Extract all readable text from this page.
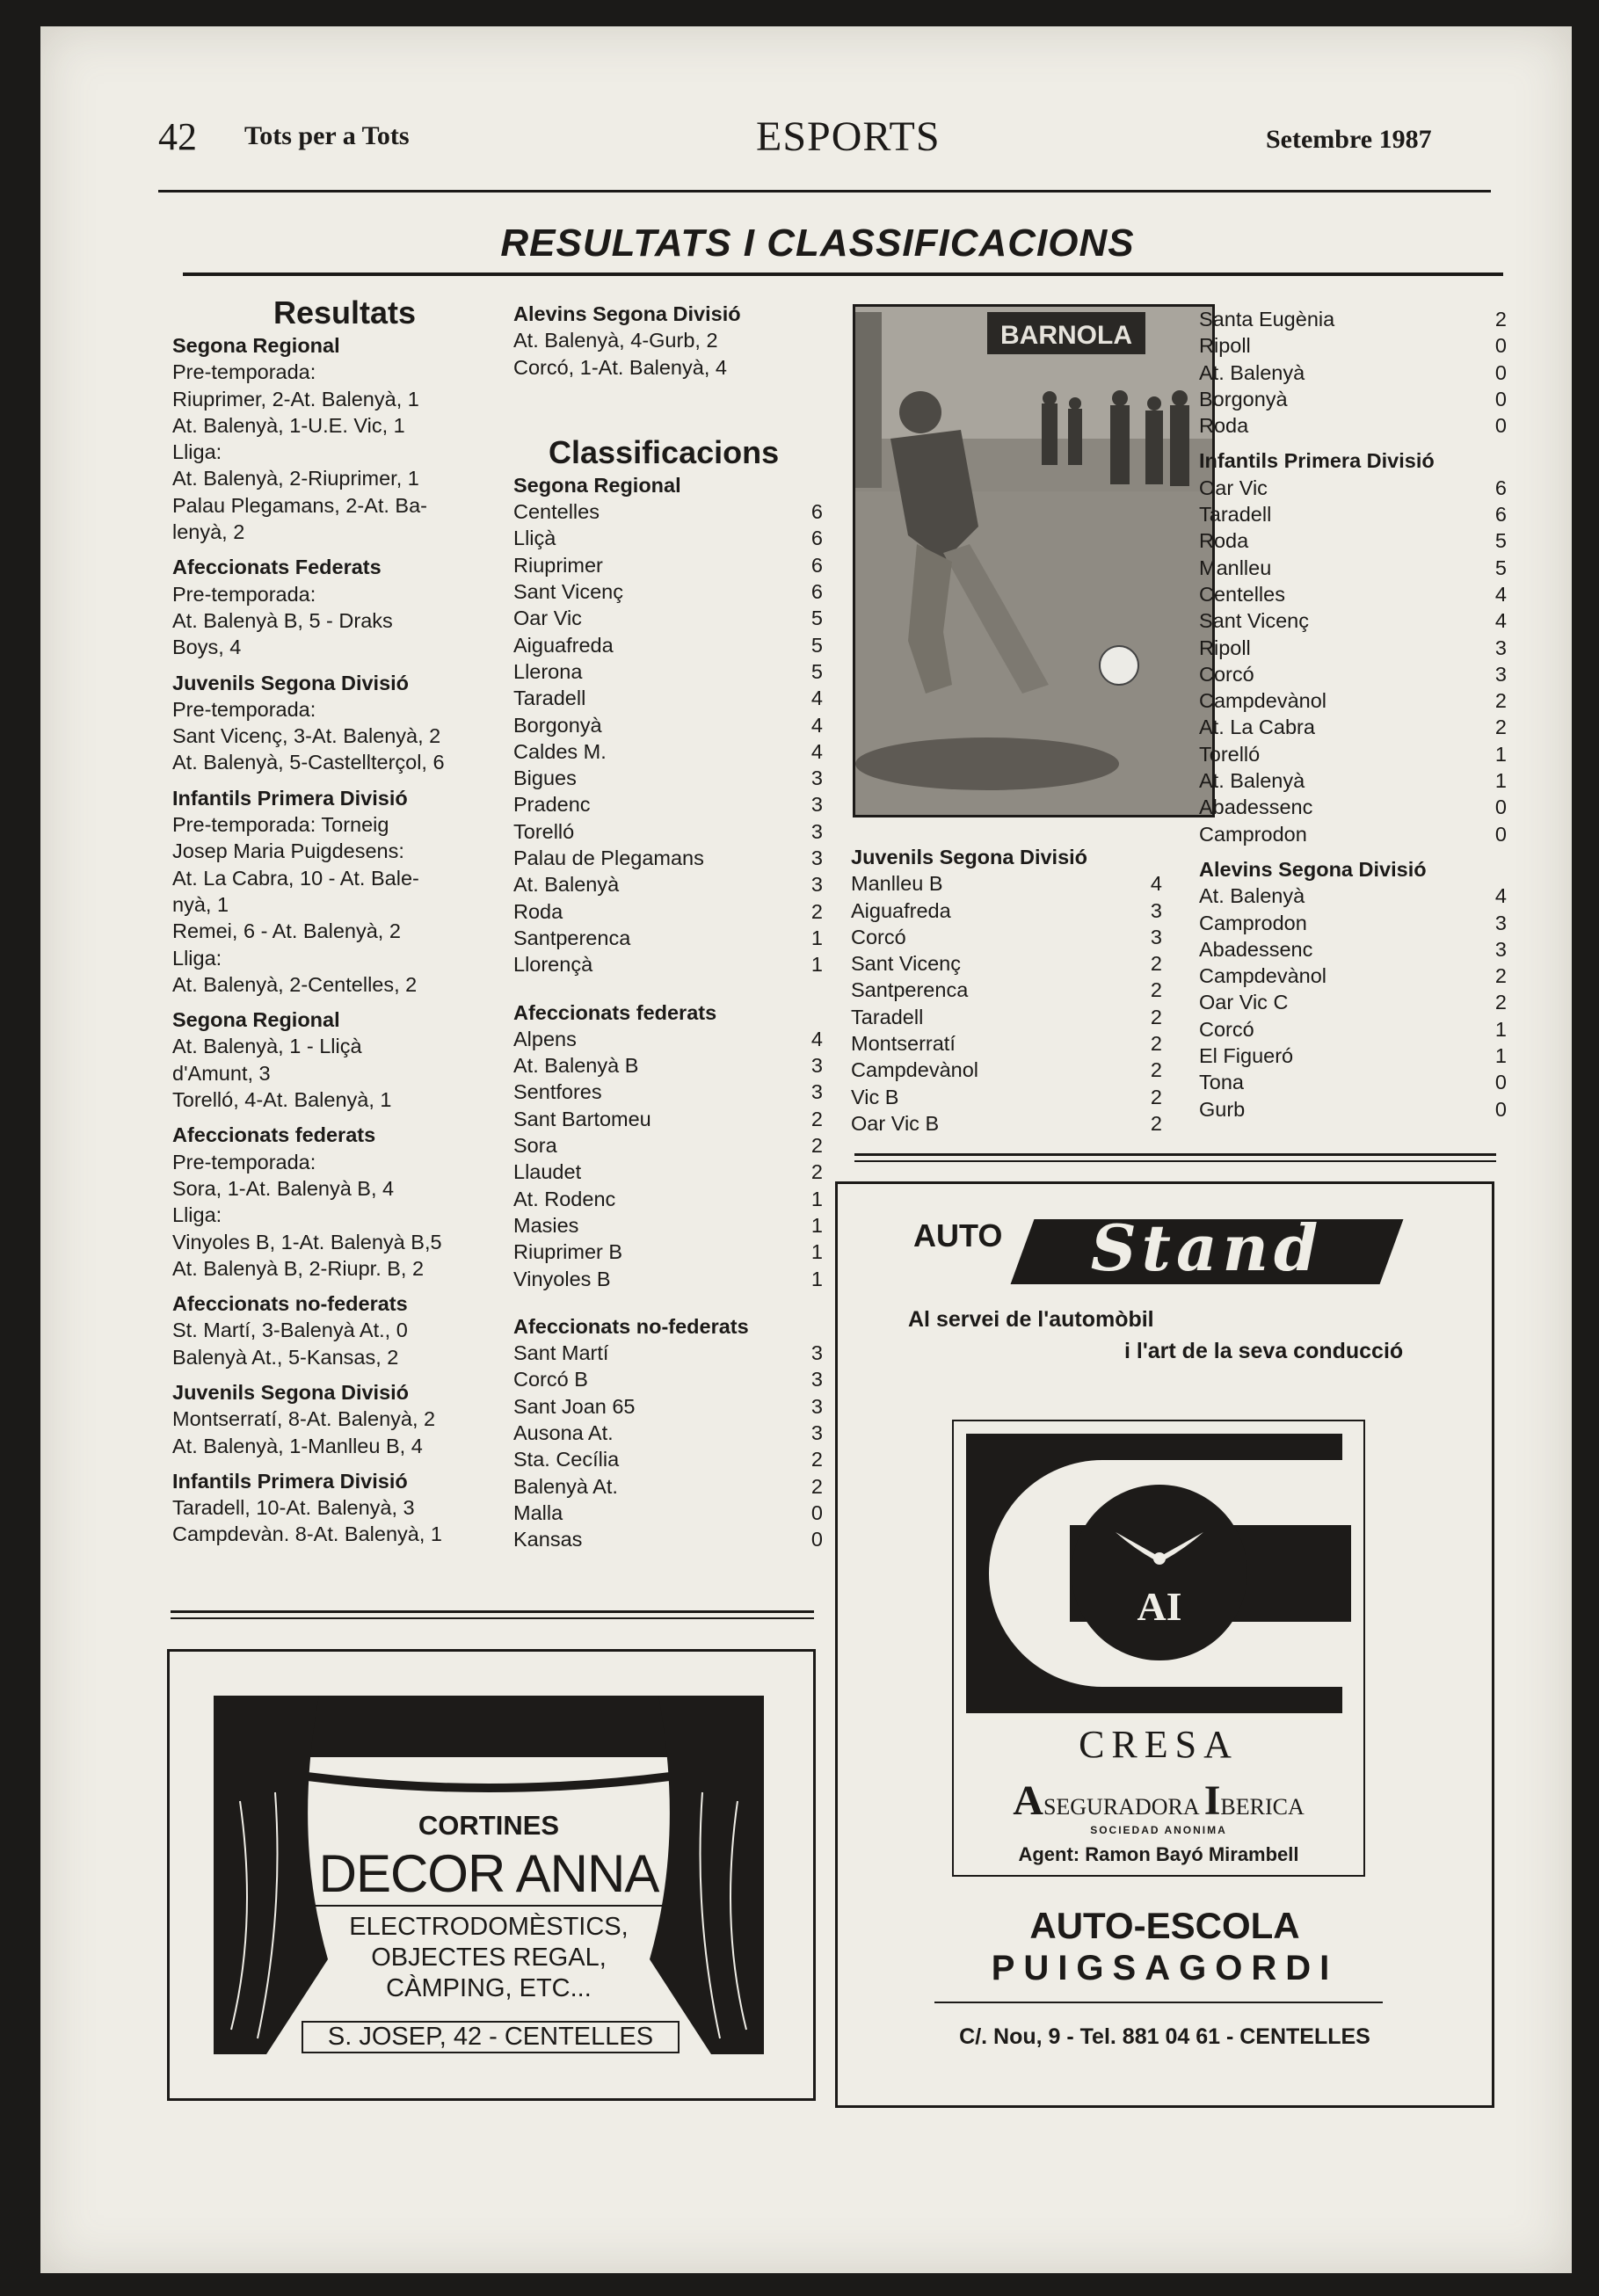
42 Tots per a Tots	ESPORTS	Setembre 1987
RESULTATS I CLASSIFICACIONS
Resultats
Segona Regional
Pre-temporada:
Riuprimer, 2-At. Balenyà, 1
At. Balenyà, 1-U.E. Vic, 1
Lliga:
At. Balenyà, 2-Riuprimer, 1
Palau Plegamans, 2-At. Ba-
lenyà, 2
Afeccionats Federats
Pre-temporada:
At. Balenyà B, 5 - Draks
Boys, 4
Juvenils Segona Divisió
Pre-temporada:
Sant Vicenç, 3-At. Balenyà, 2
At. Balenyà, 5-Castellterçol, 6
Infantils Primera Divisió
Pre-temporada: Torneig
Josep Maria Puigdesens:
At. La Cabra, 10 - At. Bale-
nyà, 1
Remei, 6 - At. Balenyà, 2
Lliga:
At. Balenyà, 2-Centelles, 2
Segona Regional
At. Balenyà, 1 - Lliçà
d'Amunt, 3
Torelló, 4-At. Balenyà, 1
Afeccionats federats
Pre-temporada:
Sora, 1-At. Balenyà B, 4
Lliga:
Vinyoles B, 1-At. Balenyà B,5
At. Balenyà B, 2-Riupr. B, 2
Afeccionats no-federats
St. Martí, 3-Balenyà At., 0
Balenyà At., 5-Kansas, 2
Juvenils Segona Divisió
Montserratí, 8-At. Balenyà, 2
At. Balenyà, 1-Manlleu B, 4
Infantils Primera Divisió
Taradell, 10-At. Balenyà, 3
Campdevàn. 8-At. Balenyà, 1
Alevins Segona Divisió
At. Balenyà, 4-Gurb, 2
Corcó, 1-At. Balenyà, 4
Classificacions
Segona Regional
Centelles	6
Lliçà	6
Riuprimer	6
Sant Vicenç	6
Oar Vic	5
Aiguafreda	5
Llerona	5
Taradell	4
Borgonyà	4
Caldes M.	4
Bigues	3
Pradenc	3
Torelló	3
Palau de Plegamans	3
At. Balenyà	3
Roda	2
Santperenca	1
Llorençà	1
Afeccionats federats
Alpens	4
At. Balenyà B	3
Sentfores	3
Sant Bartomeu	2
Sora	2
Llaudet	2
At. Rodenc	1
Masies	1
Riuprimer B	1
Vinyoles B	1
Afeccionats no-federats
Sant Martí	3
Corcó B	3
Sant Joan 65	3
Ausona At.	3
Sta. Cecília	2
Balenyà At.	2
Malla	0
Kansas	0
BARNOLA
Juvenils Segona Divisió
Manlleu B	4
Aiguafreda	3
Corcó	3
Sant Vicenç	2
Santperenca	2
Taradell	2
Montserratí	2
Campdevànol	2
Vic B	2
Oar Vic B	2
Santa Eugènia	2
Ripoll	0
At. Balenyà	0
Borgonyà	0
Roda	0
Infantils Primera Divisió
Oar Vic	6
Taradell	6
Roda	5
Manlleu	5
Centelles	4
Sant Vicenç	4
Ripoll	3
Corcó	3
Campdevànol	2
At. La Cabra	2
Torelló	1
At. Balenyà	1
Abadessenc	0
Camprodon	0
Alevins Segona Divisió
At. Balenyà	4
Camprodon	3
Abadessenc	3
Campdevànol	2
Oar Vic C	2
Corcó	1
El Figueró	1
Tona	0
Gurb	0
CORTINES
DECOR ANNA
ELECTRODOMÈSTICS,
OBJECTES REGAL,
CÀMPING, ETC...
S. JOSEP, 42 - CENTELLES
AUTO	Stand
Al servei de l'automòbil
i l'art de la seva conducció
AI
CRESA
ASEGURADORA IBERICA
SOCIEDAD ANONIMA
Agent: Ramon Bayó Mirambell
AUTO-ESCOLA
PUIGSAGORDI
C/. Nou, 9 - Tel. 881 04 61 - CENTELLES
